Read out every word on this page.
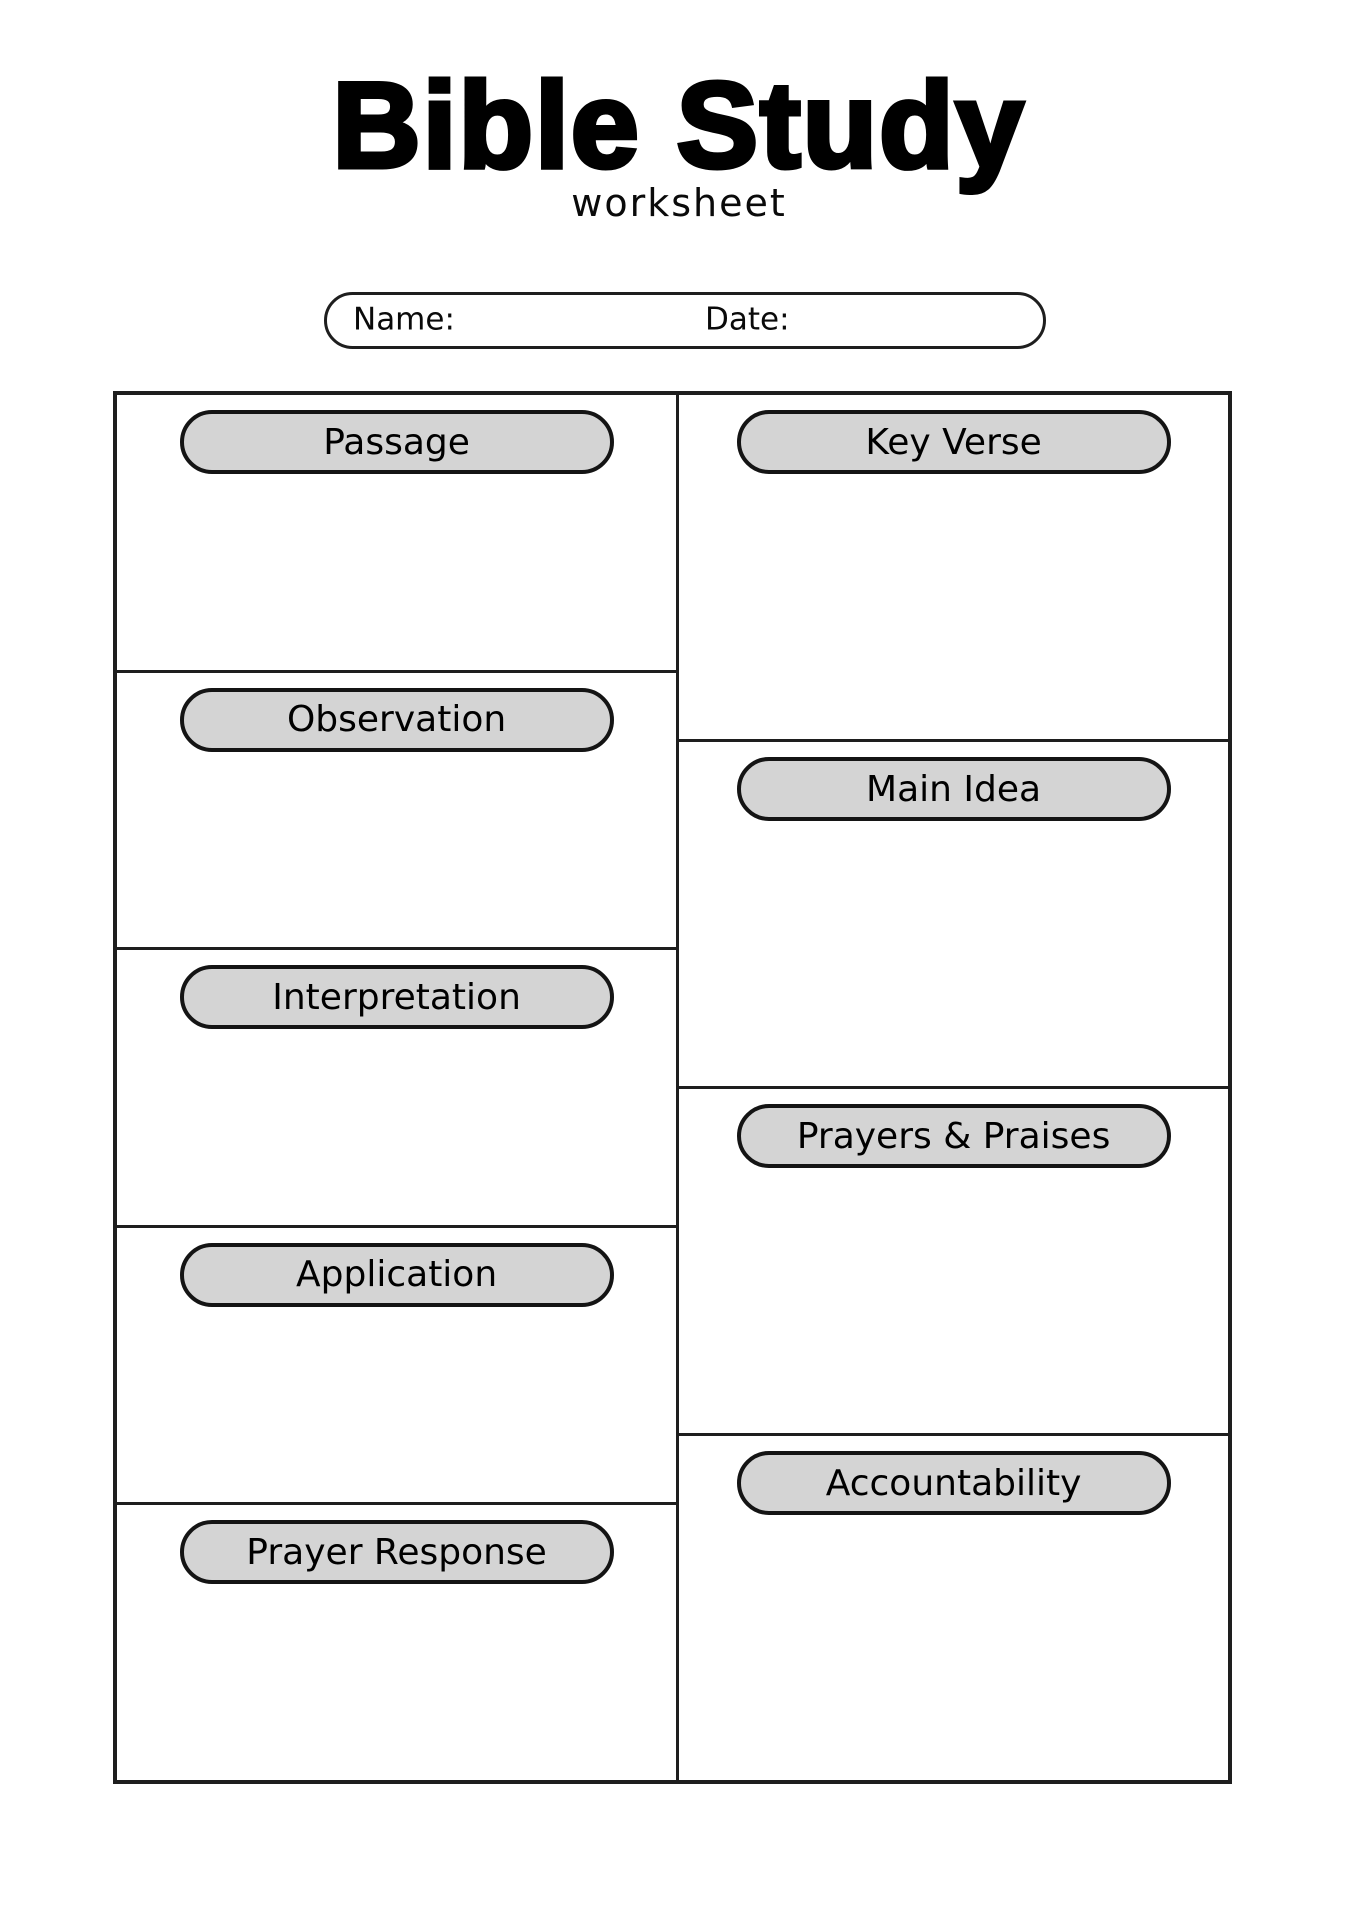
Bible Study
worksheet
Name:	Date:
Passage
Observation
Interpretation
Application
Prayer Response
Key Verse
Main Idea
Prayers & Praises
Accountability
